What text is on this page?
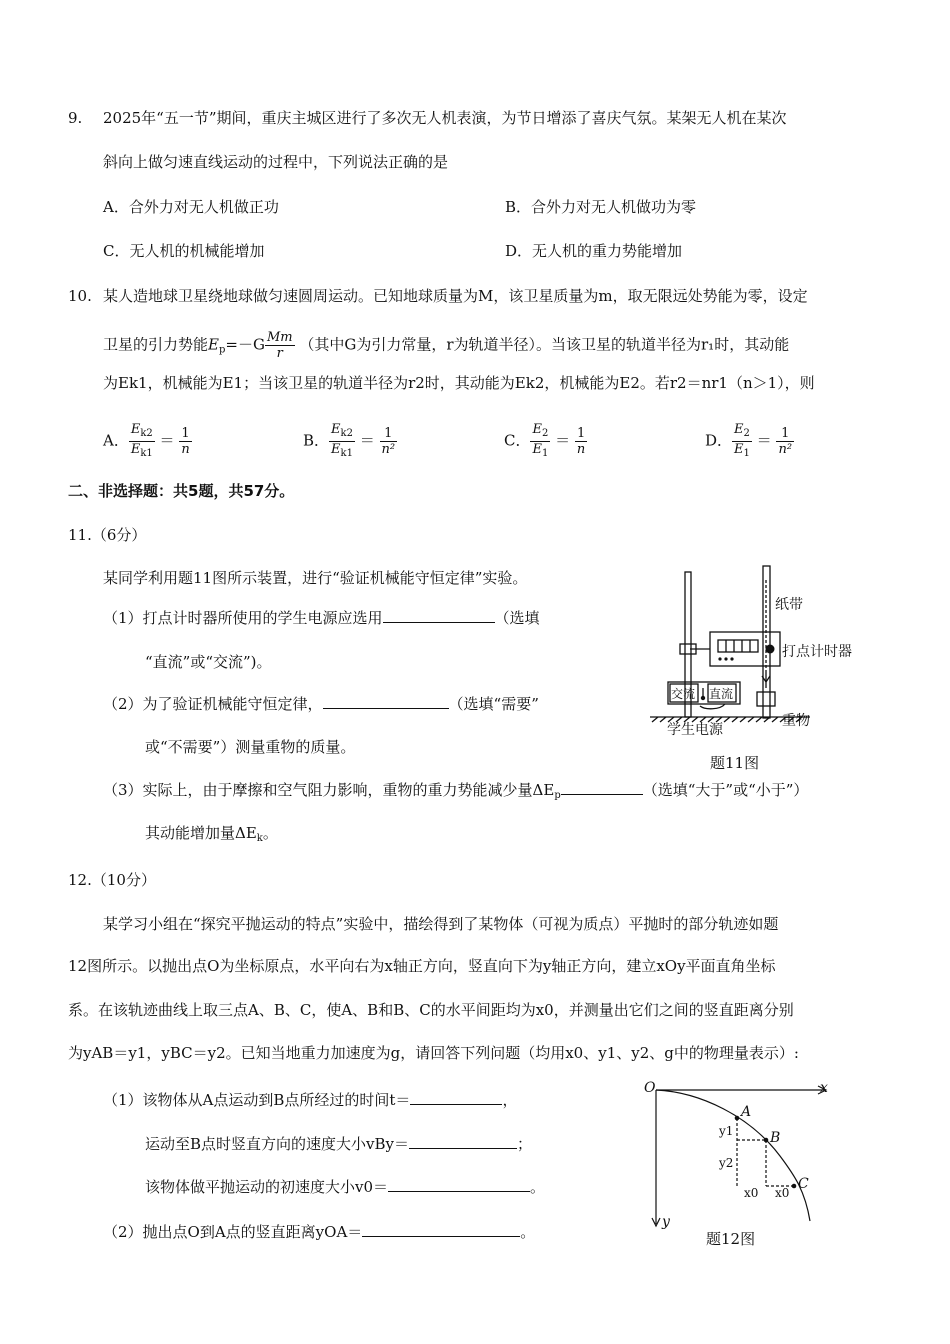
9. 2025年“五一节”期间，重庆主城区进行了多次无人机表演，为节日增添了喜庆气氛。某架无人机在某次
斜向上做匀速直线运动的过程中，下列说法正确的是
A．合外力对无人机做正功	B．合外力对无人机做功为零
C．无人机的机械能增加	D．无人机的重力势能增加
10. 某人造地球卫星绕地球做匀速圆周运动。已知地球质量为M，该卫星质量为m，取无限远处势能为零，设定
卫星的引力势能$E_p=-G \frac{Mm}{r}$ （其中G为引力常量，r为轨道半径）。当该卫星的轨道半径为r₁时，其动能
为Ek1，机械能为E1；当该卫星的轨道半径为r2时，其动能为Ek2，机械能为E2。若r2＝nr1（n＞1），则
A． $\frac{E_{k2}}{E_{k1}} = \frac{1}{n}$	B． $\frac{E_{k2}}{E_{k1}} = \frac{1}{\text{n²}}$	C． $\frac{E_2}{E_1} = \frac{1}{n}$	D． $\frac{E_2}{E_1} = \frac{1}{\text{n²}}$
二、非选择题：共5题，共57分。
11.（6分）
某同学利用题11图所示装置，进行“验证机械能守恒定律”实验。
（1）打点计时器所使用的学生电源应选用	（选填
“直流”或“交流”)。
（2）为了验证机械能守恒定律，	（选填“需要”
或“不需要”）测量重物的质量。
（3）实际上，由于摩擦和空气阻力影响，重物的重力势能减少量$\Delta E_p$	（选填“大于”或“小于”）
其动能增加量$\Delta E_k$。
纸带
打点计时器
交流 直流
学生电源
重物
题11图
12.（10分）
某学习小组在“探究平抛运动的特点”实验中，描绘得到了某物体（可视为质点）平抛时的部分轨迹如题
12图所示。以抛出点O为坐标原点，水平向右为x轴正方向，竖直向下为y轴正方向，建立xOy平面直角坐标
系。在该轨迹曲线上取三点A、B、C，使A、B和B、C的水平间距均为x0，并测量出它们之间的竖直距离分别
为yAB＝y1，yBC＝y2。已知当地重力加速度为g，请回答下列问题（均用x0、y1、y2、g中的物理量表示）:
（1）该物体从A点运动到B点所经过的时间t＝	，
运动至B点时竖直方向的速度大小vBy＝	；
该物体做平抛运动的初速度大小v0＝	。
（2）抛出点O到A点的竖直距离yOA＝	。
O	x
y
A
B
C
y1
y2
x0 x0
题12图
